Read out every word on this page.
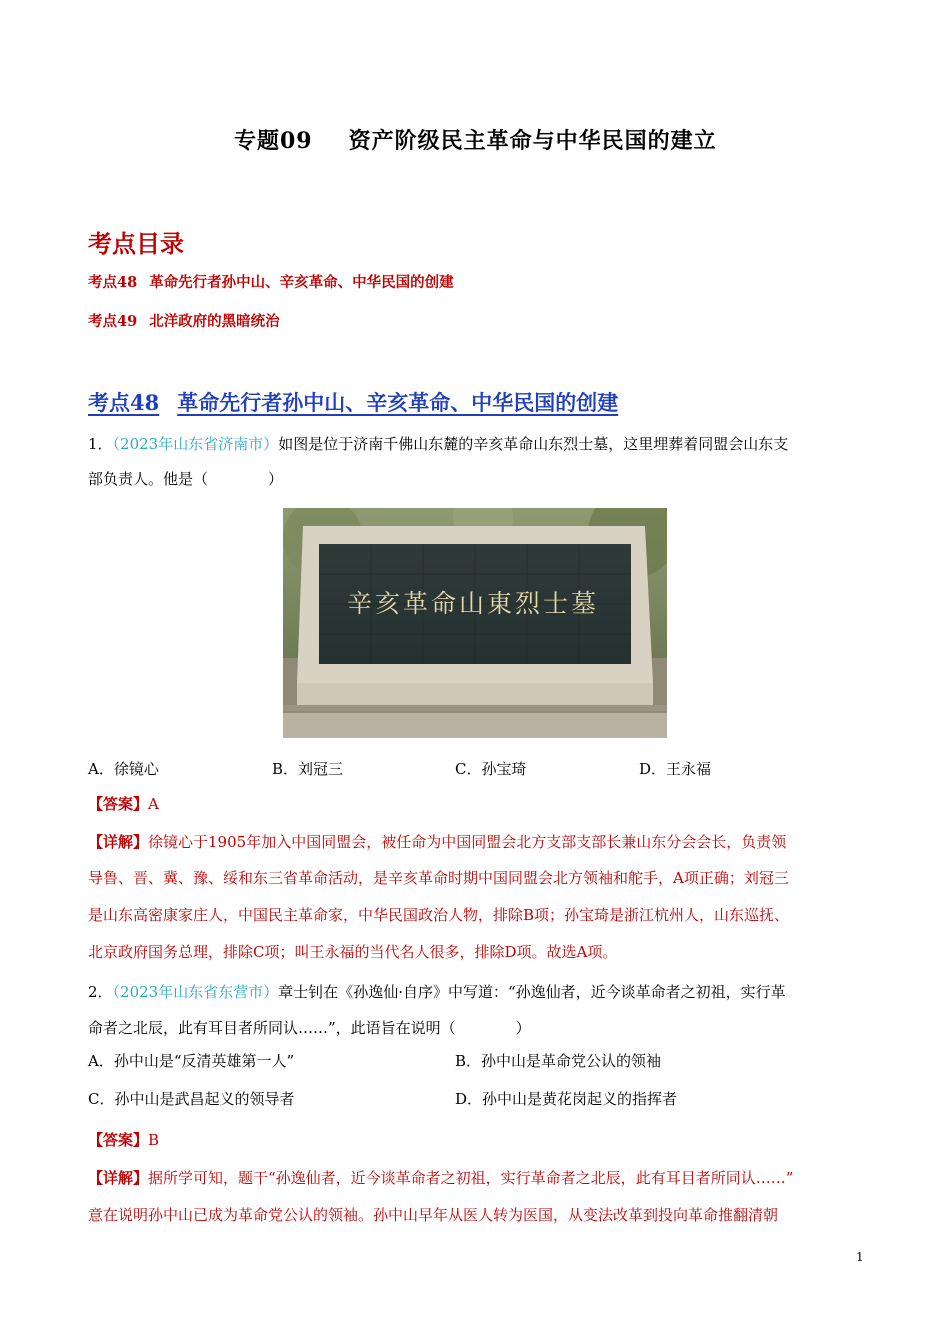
专题09 资产阶级民主革命与中华民国的建立
考点目录
考点48 革命先行者孙中山、辛亥革命、中华民国的创建
考点49 北洋政府的黑暗统治
考点48 革命先行者孙中山、辛亥革命、中华民国的创建
1．（2023年山东省济南市）如图是位于济南千佛山东麓的辛亥革命山东烈士墓，这里埋葬着同盟会山东支
部负责人。他是（　　　　）
辛亥革命山東烈士墓
A．徐镜心	B．刘冠三	C．孙宝琦	D．王永福
【答案】A
【详解】徐镜心于1905年加入中国同盟会，被任命为中国同盟会北方支部支部长兼山东分会会长，负责领
导鲁、晋、冀、豫、绥和东三省革命活动，是辛亥革命时期中国同盟会北方领袖和舵手，A项正确；刘冠三
是山东高密康家庄人，中国民主革命家，中华民国政治人物，排除B项；孙宝琦是浙江杭州人，山东巡抚、
北京政府国务总理，排除C项；叫王永福的当代名人很多，排除D项。故选A项。
2．（2023年山东省东营市）章士钊在《孙逸仙·自序》中写道：“孙逸仙者，近今谈革命者之初祖，实行革
命者之北辰，此有耳目者所同认……”，此语旨在说明（　　　　）
A．孙中山是“反清英雄第一人”	B．孙中山是革命党公认的领袖
C．孙中山是武昌起义的领导者	D．孙中山是黄花岗起义的指挥者
【答案】B
【详解】据所学可知，题干“孙逸仙者，近今谈革命者之初祖，实行革命者之北辰，此有耳目者所同认……”
意在说明孙中山已成为革命党公认的领袖。孙中山早年从医人转为医国，从变法改革到投向革命推翻清朝
1
